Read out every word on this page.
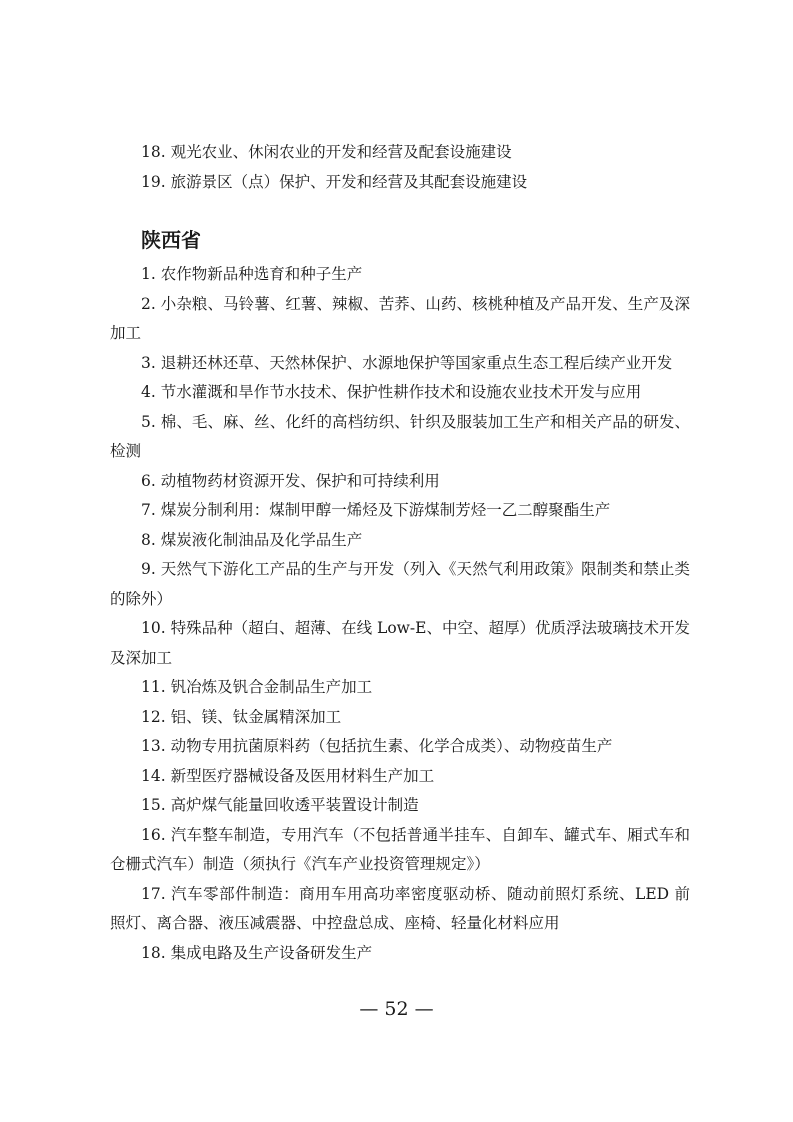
18. 观光农业、休闲农业的开发和经营及配套设施建设

19. 旅游景区（点）保护、开发和经营及其配套设施建设

陕西省

1. 农作物新品种选育和种子生产

2. 小杂粮、马铃薯、红薯、辣椒、苦荞、山药、核桃种植及产品开发、生产及深加工

3. 退耕还林还草、天然林保护、水源地保护等国家重点生态工程后续产业开发

4. 节水灌溉和旱作节水技术、保护性耕作技术和设施农业技术开发与应用

5. 棉、毛、麻、丝、化纤的高档纺织、针织及服装加工生产和相关产品的研发、检测

6. 动植物药材资源开发、保护和可持续利用

7. 煤炭分制利用：煤制甲醇一烯烃及下游煤制芳烃一乙二醇聚酯生产

8. 煤炭液化制油品及化学品生产

9. 天然气下游化工产品的生产与开发（列入《天然气利用政策》限制类和禁止类的除外）

10. 特殊品种（超白、超薄、在线 Low-E、中空、超厚）优质浮法玻璃技术开发及深加工

11. 钒冶炼及钒合金制品生产加工

12. 铝、镁、钛金属精深加工

13. 动物专用抗菌原料药（包括抗生素、化学合成类）、动物疫苗生产

14. 新型医疗器械设备及医用材料生产加工

15. 高炉煤气能量回收透平装置设计制造

16. 汽车整车制造，专用汽车（不包括普通半挂车、自卸车、罐式车、厢式车和仓栅式汽车）制造（须执行《汽车产业投资管理规定》）

17. 汽车零部件制造：商用车用高功率密度驱动桥、随动前照灯系统、LED 前照灯、离合器、液压减震器、中控盘总成、座椅、轻量化材料应用

18. 集成电路及生产设备研发生产

— 52 —
